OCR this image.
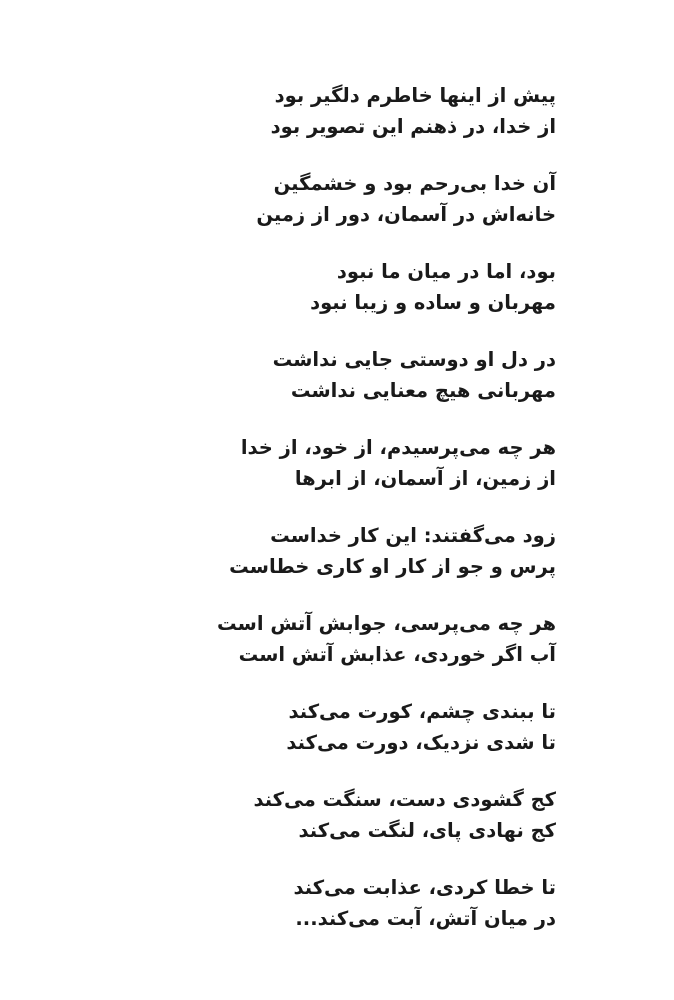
پیش از اینها خاطرم دلگیر بود
از خدا، در ذهنم این تصویر بود
آن خدا بی‌رحم بود و خشمگین
خانه‌اش در آسمان، دور از زمین
بود، اما در میان ما نبود
مهربان و ساده و زیبا نبود
در دل او دوستی جایی نداشت
مهربانی هیچ معنایی نداشت
هر چه می‌پرسیدم، از خود، از خدا
از زمین، از آسمان، از ابرها
زود می‌گفتند: این کار خداست
پرس و جو از کار او کاری خطاست
هر چه می‌پرسی، جوابش آتش است
آب اگر خوردی، عذابش آتش است
تا ببندی چشم، کورت می‌کند
تا شدی نزدیک، دورت می‌کند
کج گشودی دست، سنگت می‌کند
کج نهادی پای، لنگت می‌کند
تا خطا کردی، عذابت می‌کند
در میان آتش، آبت می‌کند...
